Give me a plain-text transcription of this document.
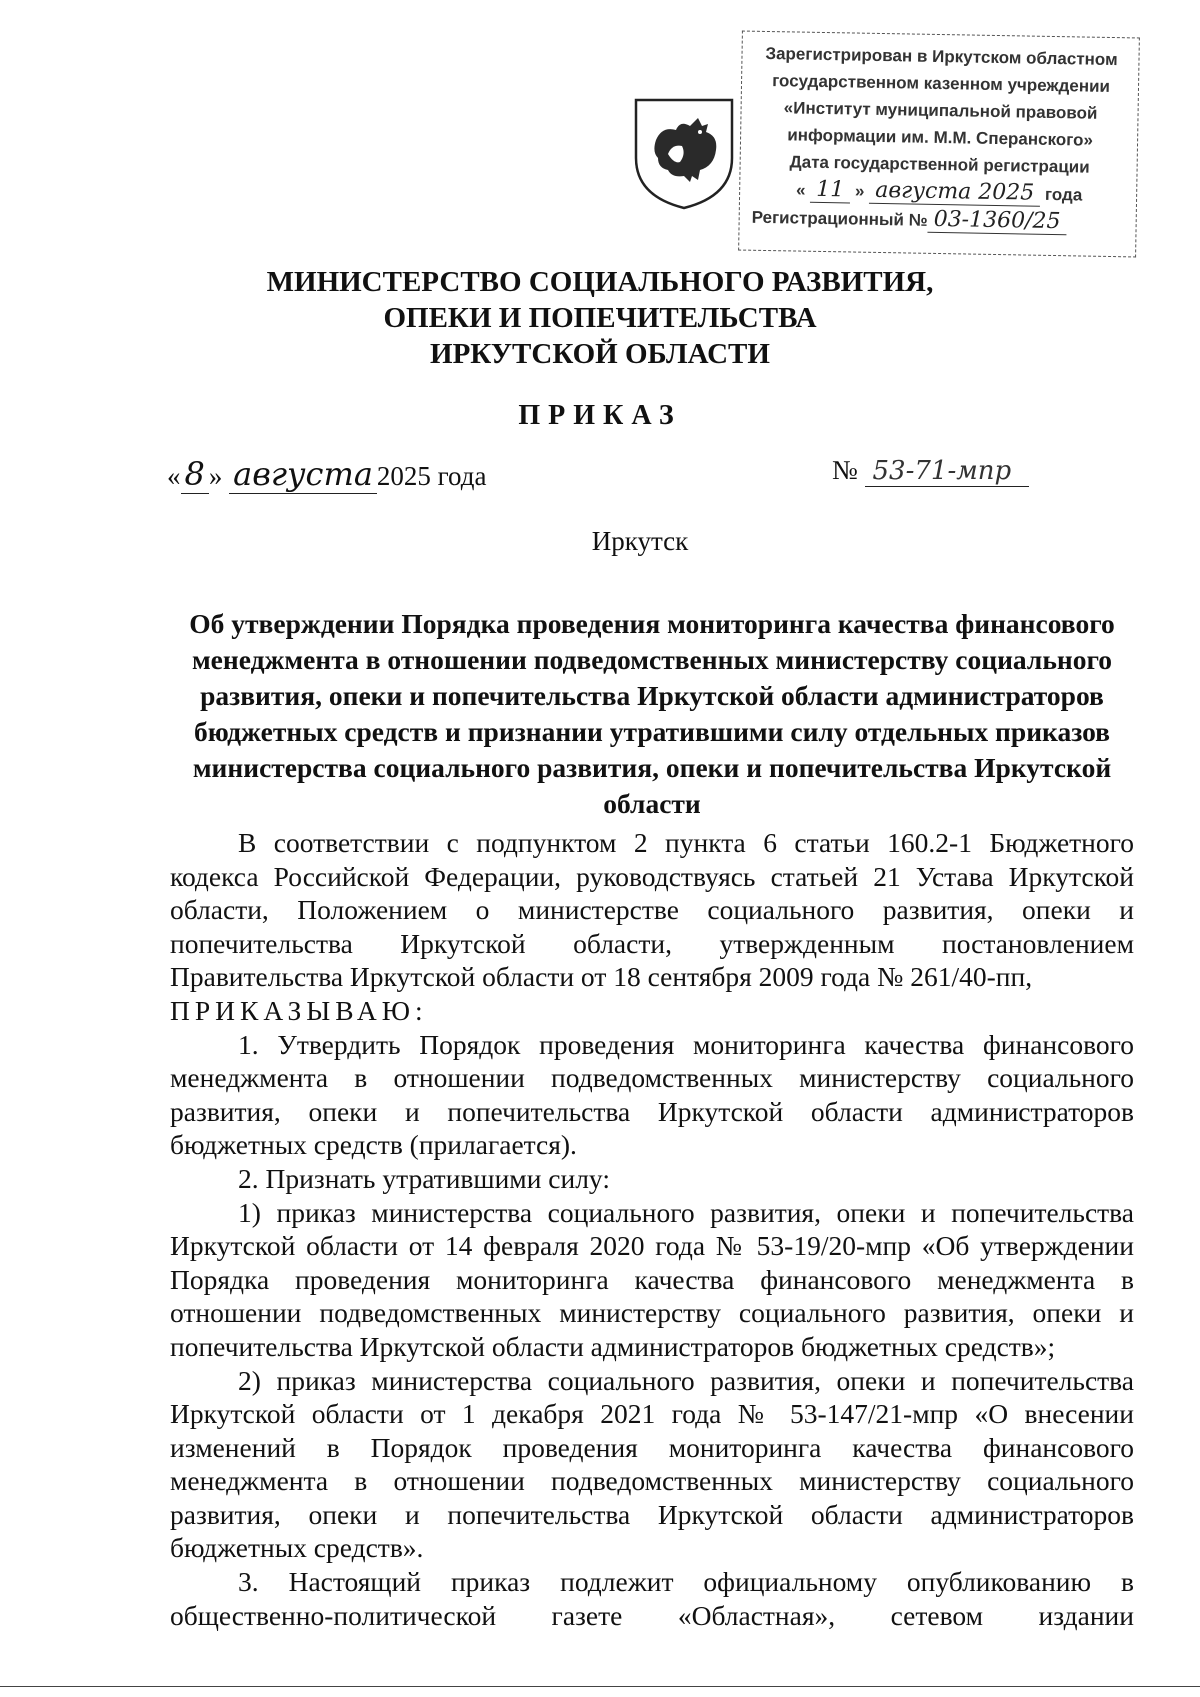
Зарегистрирован в Иркутском областном
государственном казенном учреждении
«Институт муниципальной правовой
информации им. М.М. Сперанского»
Дата государственной регистрации
« 11 » августа 2025 года
Регистрационный № 03-1360/25
МИНИСТЕРСТВО СОЦИАЛЬНОГО РАЗВИТИЯ,
ОПЕКИ И ПОПЕЧИТЕЛЬСТВА
ИРКУТСКОЙ ОБЛАСТИ
ПРИКАЗ
« 8 » августа 2025 года	№ 53-71-мпр
Иркутск
Об утверждении Порядка проведения мониторинга качества финансового менеджмента в отношении подведомственных министерству социального развития, опеки и попечительства Иркутской области администраторов бюджетных средств и признании утратившими силу отдельных приказов министерства социального развития, опеки и попечительства Иркутской области

В соответствии с подпунктом 2 пункта 6 статьи 160.2-1 Бюджетного кодекса Российской Федерации, руководствуясь статьей 21 Устава Иркутской области, Положением о министерстве социального развития, опеки и попечительства Иркутской области, утвержденным постановлением Правительства Иркутской области от 18 сентября 2009 года № 261/40-пп,

ПРИКАЗЫВАЮ:

1. Утвердить Порядок проведения мониторинга качества финансового менеджмента в отношении подведомственных министерству социального развития, опеки и попечительства Иркутской области администраторов бюджетных средств (прилагается).

2. Признать утратившими силу:

1) приказ министерства социального развития, опеки и попечительства Иркутской области от 14 февраля 2020 года № 53-19/20-мпр «Об утверждении Порядка проведения мониторинга качества финансового менеджмента в отношении подведомственных министерству социального развития, опеки и попечительства Иркутской области администраторов бюджетных средств»;

2) приказ министерства социального развития, опеки и попечительства Иркутской области от 1 декабря 2021 года № 53-147/21-мпр «О внесении изменений в Порядок проведения мониторинга качества финансового менеджмента в отношении подведомственных министерству социального развития, опеки и попечительства Иркутской области администраторов бюджетных средств».

3. Настоящий приказ подлежит официальному опубликованию в общественно-политической газете «Областная», сетевом издании
